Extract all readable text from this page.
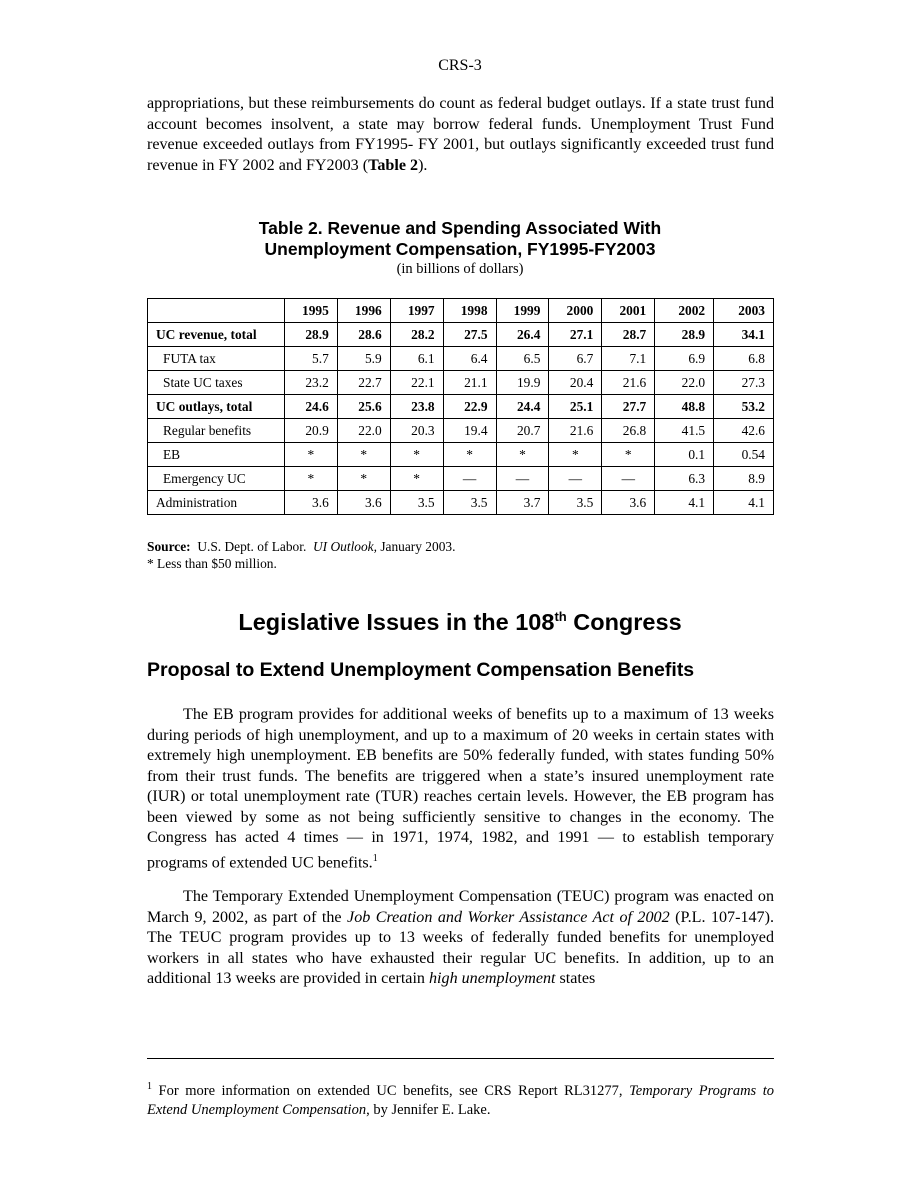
CRS-3

appropriations, but these reimbursements do count as federal budget outlays. If a state trust fund account becomes insolvent, a state may borrow federal funds. Unemployment Trust Fund revenue exceeded outlays from FY1995- FY 2001, but outlays significantly exceeded trust fund revenue in FY 2002 and FY2003 (Table 2).

Table 2. Revenue and Spending Associated With
Unemployment Compensation, FY1995-FY2003
(in billions of dollars)
	1995	1996	1997	1998	1999	2000	2001	2002	2003
UC revenue, total	28.9	28.6	28.2	27.5	26.4	27.1	28.7	28.9	34.1
FUTA tax	5.7	5.9	6.1	6.4	6.5	6.7	7.1	6.9	6.8
State UC taxes	23.2	22.7	22.1	21.1	19.9	20.4	21.6	22.0	27.3
UC outlays, total	24.6	25.6	23.8	22.9	24.4	25.1	27.7	48.8	53.2
Regular benefits	20.9	22.0	20.3	19.4	20.7	21.6	26.8	41.5	42.6
EB	*	*	*	*	*	*	*	0.1	0.54
Emergency UC	*	*	*	—	—	—	—	6.3	8.9
Administration	3.6	3.6	3.5	3.5	3.7	3.5	3.6	4.1	4.1
Source:  U.S. Dept. of Labor.  UI Outlook, January 2003.
* Less than $50 million.
Legislative Issues in the 108th Congress
Proposal to Extend Unemployment Compensation Benefits

The EB program provides for additional weeks of benefits up to a maximum of 13 weeks during periods of high unemployment, and up to a maximum of 20 weeks in certain states with extremely high unemployment. EB benefits are 50% federally funded, with states funding 50% from their trust funds. The benefits are triggered when a state’s insured unemployment rate (IUR) or total unemployment rate (TUR) reaches certain levels. However, the EB program has been viewed by some as not being sufficiently sensitive to changes in the economy. The Congress has acted 4 times — in 1971, 1974, 1982, and 1991 — to establish temporary programs of extended UC benefits.$^1$

The Temporary Extended Unemployment Compensation (TEUC) program was enacted on March 9, 2002, as part of the Job Creation and Worker Assistance Act of 2002 (P.L. 107-147). The TEUC program provides up to 13 weeks of federally funded benefits for unemployed workers in all states who have exhausted their regular UC benefits. In addition, up to an additional 13 weeks are provided in certain high unemployment states

$^1$ For more information on extended UC benefits, see CRS Report RL31277, Temporary Programs to Extend Unemployment Compensation, by Jennifer E. Lake.
